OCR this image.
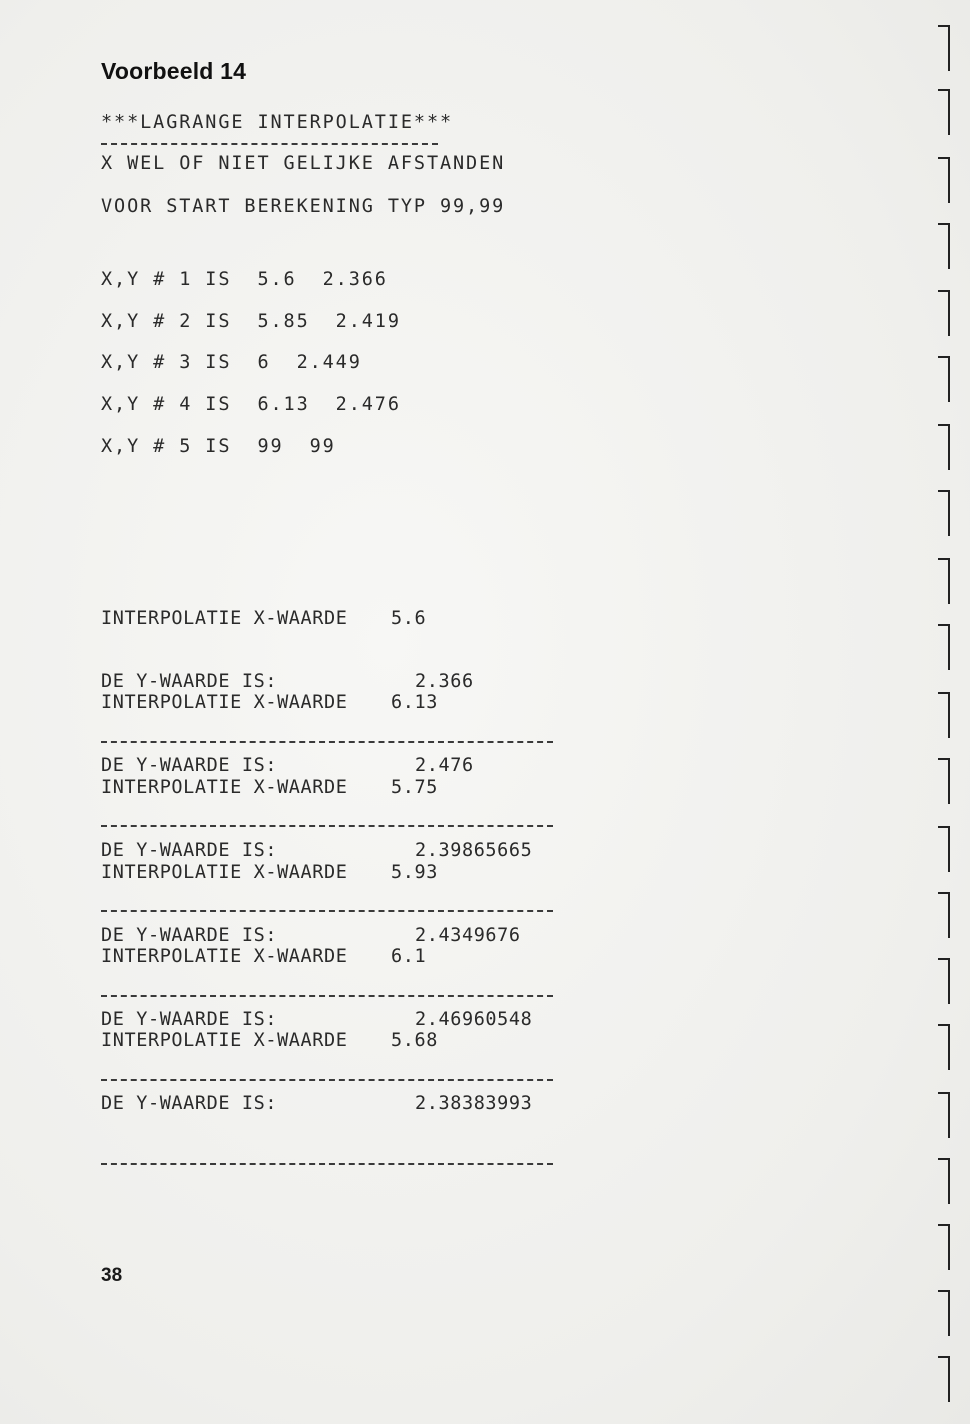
Voorbeeld 14
***LAGRANGE INTERPOLATIE***
X WEL OF NIET GELIJKE AFSTANDEN
VOOR START BEREKENING TYP 99,99
X,Y # 1 IS  5.6  2.366
X,Y # 2 IS  5.85  2.419
X,Y # 3 IS  6  2.449
X,Y # 4 IS  6.13  2.476
X,Y # 5 IS  99  99

INTERPOLATIE X-WAARDE	5.6

DE Y-WAARDE IS:	2.366

INTERPOLATIE X-WAARDE	6.13

DE Y-WAARDE IS:	2.476

INTERPOLATIE X-WAARDE	5.75

DE Y-WAARDE IS:	2.39865665

INTERPOLATIE X-WAARDE	5.93

DE Y-WAARDE IS:	2.4349676

INTERPOLATIE X-WAARDE	6.1

DE Y-WAARDE IS:	2.46960548

INTERPOLATIE X-WAARDE	5.68

DE Y-WAARDE IS:	2.38383993

38
